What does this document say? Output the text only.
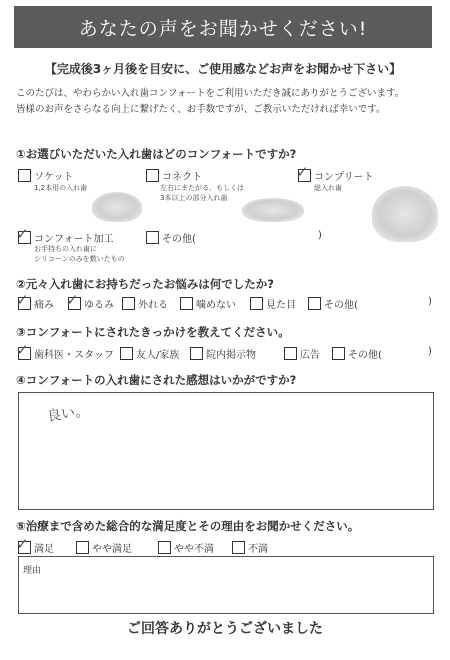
あなたの声をお聞かせください!
【完成後3ヶ月後を目安に、ご使用感などお声をお聞かせ下さい】
このたびは、やわらかい入れ歯コンフォートをご利用いただき誠にありがとうございます。
皆様のお声をさらなる向上に繋げたく、お手数ですが、ご教示いただければ幸いです。
①お選びいただいた入れ歯はどのコンフォートですか?
ソケット
1,2本用の入れ歯
コネクト
左右にまたがる、もしくは
3本以上の部分入れ歯
✓ コンプリート
総入れ歯
✓ コンフォート加工
お手持ちの入れ歯に
シリコーンのみを敷いたもの
その他(	)
②元々入れ歯にお持ちだったお悩みは何でしたか?
✓ 痛み ✓ ゆるみ 外れる	噛めない	見た目	その他(	)
③コンフォートにされたきっかけを教えてください。
✓ 歯科医・スタッフ 友人/家族	院内掲示物	広告	その他(	)
④コンフォートの入れ歯にされた感想はいかがですか?
良い。
⑤治療まで含めた総合的な満足度とその理由をお聞かせください。
✓ 満足	やや満足	やや不満	不満
理由
ご回答ありがとうございました
